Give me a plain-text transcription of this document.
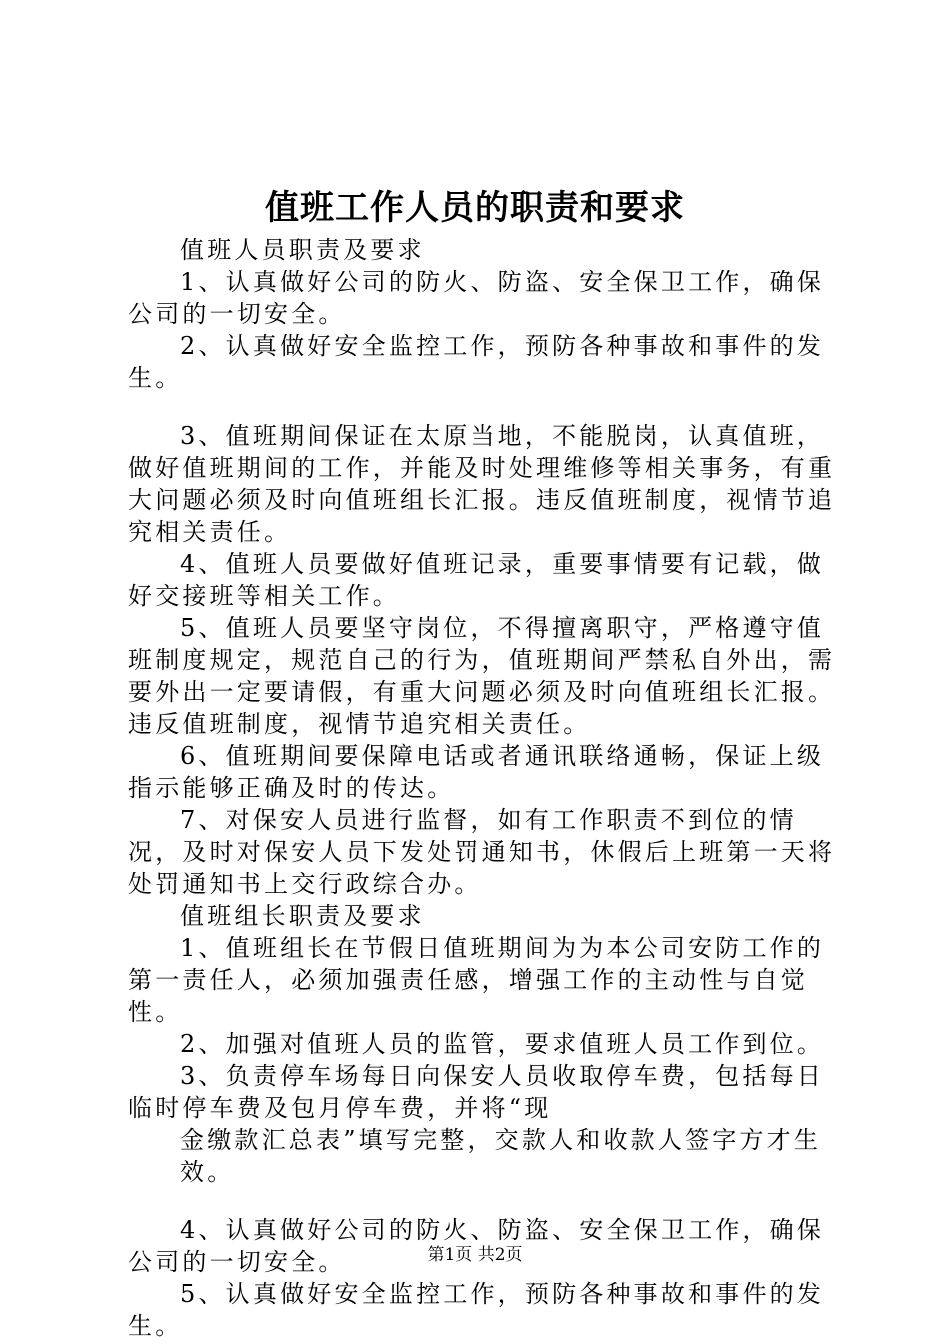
值班工作人员的职责和要求

值班人员职责及要求

1、认真做好公司的防火、防盗、安全保卫工作，确保公司的一切安全。

2、认真做好安全监控工作，预防各种事故和事件的发生。

3、值班期间保证在太原当地，不能脱岗，认真值班，做好值班期间的工作，并能及时处理维修等相关事务，有重大问题必须及时向值班组长汇报。违反值班制度，视情节追究相关责任。

4、值班人员要做好值班记录，重要事情要有记载，做好交接班等相关工作。

5、值班人员要坚守岗位，不得擅离职守，严格遵守值班制度规定，规范自己的行为，值班期间严禁私自外出，需要外出一定要请假，有重大问题必须及时向值班组长汇报。违反值班制度，视情节追究相关责任。

6、值班期间要保障电话或者通讯联络通畅，保证上级指示能够正确及时的传达。

7、对保安人员进行监督，如有工作职责不到位的情况，及时对保安人员下发处罚通知书，休假后上班第一天将处罚通知书上交行政综合办。

值班组长职责及要求

1、值班组长在节假日值班期间为为本公司安防工作的第一责任人，必须加强责任感，增强工作的主动性与自觉性。

2、加强对值班人员的监管，要求值班人员工作到位。

3、负责停车场每日向保安人员收取停车费，包括每日临时停车费及包月停车费，并将“现

金缴款汇总表”填写完整，交款人和收款人签字方才生效。

4、认真做好公司的防火、防盗、安全保卫工作，确保公司的一切安全。

5、认真做好安全监控工作，预防各种事故和事件的发生。

第1页 共2页
